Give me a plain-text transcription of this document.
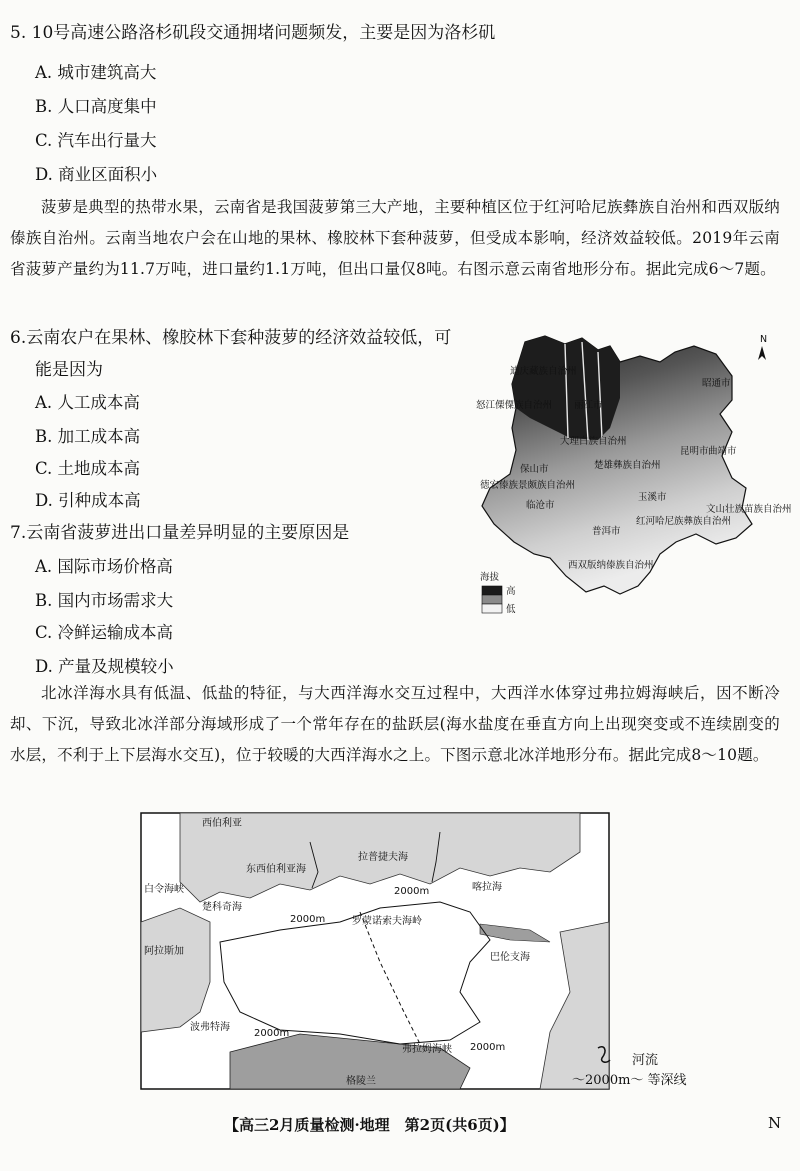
5. 10号高速公路洛杉矶段交通拥堵问题频发，主要是因为洛杉矶
A. 城市建筑高大
B. 人口高度集中
C. 汽车出行量大
D. 商业区面积小
菠萝是典型的热带水果，云南省是我国菠萝第三大产地，主要种植区位于红河哈尼族彝族自治州和西双版纳傣族自治州。云南当地农户会在山地的果林、橡胶林下套种菠萝，但受成本影响，经济效益较低。2019年云南省菠萝产量约为11.7万吨，进口量约1.1万吨，但出口量仅8吨。右图示意云南省地形分布。据此完成6～7题。
6.云南农户在果林、橡胶林下套种菠萝的经济效益较低，可
能是因为
A. 人工成本高
B. 加工成本高
C. 土地成本高
D. 引种成本高
7.云南省菠萝进出口量差异明显的主要原因是
A. 国际市场价格高
B. 国内市场需求大
C. 冷鲜运输成本高
D. 产量及规模较小
N
迪庆藏族自治州
昭通市
怒江傈僳族自治州 丽江市
大理白族自治州
昆明市 曲靖市
楚雄彝族自治州
保山市
德宏傣族景颇族自治州
临沧市
玉溪市
普洱市
红河哈尼族彝族自治州
文山壮族苗族自治州
西双版纳傣族自治州
海拔
高
低
北冰洋海水具有低温、低盐的特征，与大西洋海水交互过程中，大西洋水体穿过弗拉姆海峡后，因不断冷却、下沉，导致北冰洋部分海域形成了一个常年存在的盐跃层(海水盐度在垂直方向上出现突变或不连续剧变的水层，不利于上下层海水交互)，位于较暖的大西洋海水之上。下图示意北冰洋地形分布。据此完成8～10题。
西伯利亚
拉普捷夫海
东西伯利亚海
白令海峡
楚科奇海
阿拉斯加
喀拉海
巴伦支海
波弗特海
格陵兰
弗拉姆海峡
罗蒙诺索夫海岭
2000m
2000m
2000m
2000m
河流
～2000m～ 等深线
【高三2月质量检测·地理　第2页(共6页)】	N
